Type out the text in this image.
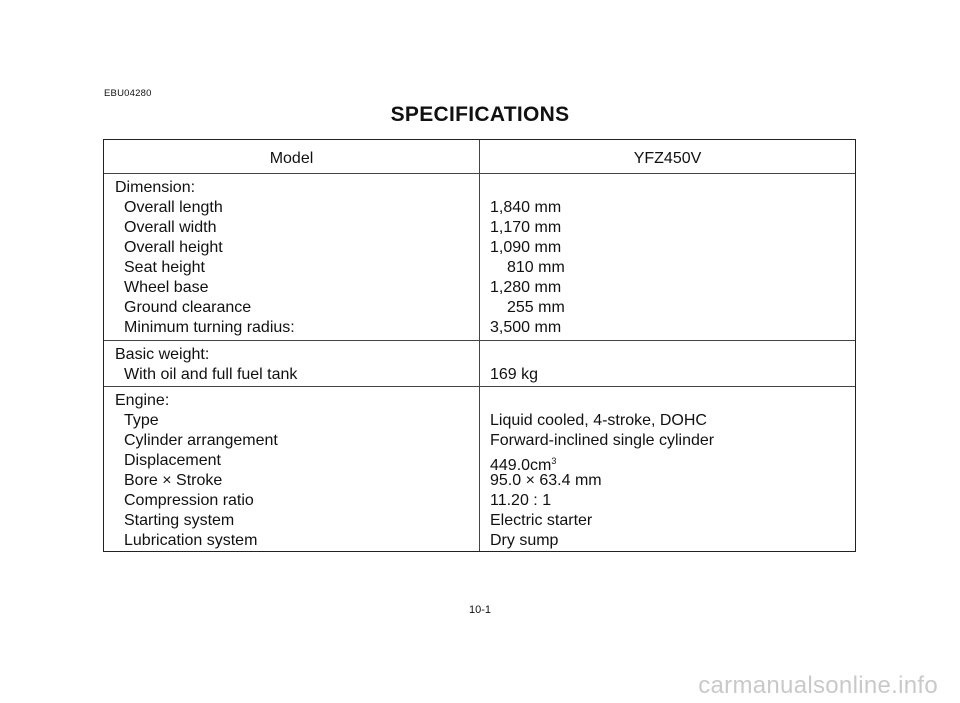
EBU04280
SPECIFICATIONS
Model	YFZ450V
Dimension:
Overall length
Overall width
Overall height
Seat height
Wheel base
Ground clearance
Minimum turning radius:
1,840 mm
1,170 mm
1,090 mm
810 mm
1,280 mm
255 mm
3,500 mm
Basic weight:
With oil and full fuel tank	169 kg
Engine:
Type
Cylinder arrangement
Displacement
Bore × Stroke
Compression ratio
Starting system
Lubrication system
Liquid cooled, 4-stroke, DOHC
Forward-inclined single cylinder
$449.0cm^3$
95.0 × 63.4 mm
11.20 : 1
Electric starter
Dry sump
10-1
carmanualsonline.info
